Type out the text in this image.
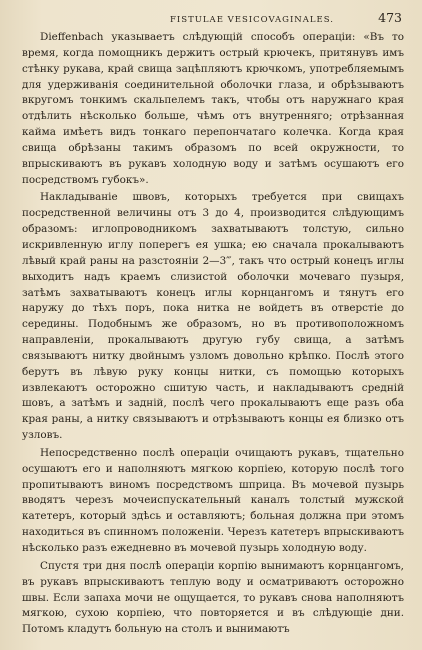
FISTULAE VESICOVAGINALES.	473

Dieffenbach указываетъ слѣдующій способъ операціи: «Въ то время, когда помощникъ держитъ острый крючекъ, притянувъ имъ стѣнку рукава, край свища зацѣпляютъ крючкомъ, употребляемымъ для удерживанія соединительной оболочки глаза, и обрѣзываютъ вкругомъ тонкимъ скальпелемъ такъ, чтобы отъ наружнаго края отдѣлить нѣсколько больше, чѣмъ отъ внутренняго; отрѣзанная кайма имѣетъ видъ тонкаго перепончатаго колечка. Когда края свища обрѣзаны такимъ образомъ по всей окружности, то впрыскиваютъ въ рукавъ холодную воду и затѣмъ осушаютъ его посредствомъ губокъ».

Накладываніе швовъ, которыхъ требуется при свищахъ посредственной величины отъ 3 до 4, производится слѣдующимъ образомъ: иглопроводникомъ захватываютъ толстую, сильно искривленную иглу поперегъ ея ушка; ею сначала прокалываютъ лѣвый край раны на разстояніи 2—3‴, такъ что острый конецъ иглы выходитъ надъ краемъ слизистой оболочки мочеваго пузыря, затѣмъ захватываютъ конецъ иглы корнцангомъ и тянутъ его наружу до тѣхъ поръ, пока нитка не войдетъ въ отверстіе до середины. Подобнымъ же образомъ, но въ противоположномъ направленіи, прокалываютъ другую губу свища, а затѣмъ связываютъ нитку двойнымъ узломъ довольно крѣпко. Послѣ этого берутъ въ лѣвую руку концы нитки, съ помощью которыхъ извлекаютъ осторожно сшитую часть, и накладываютъ средній шовъ, а затѣмъ и задній, послѣ чего прокалываютъ еще разъ оба края раны, а нитку связываютъ и отрѣзываютъ концы ея близко отъ узловъ.

Непосредственно послѣ операціи очищаютъ рукавъ, тщательно осушаютъ его и наполняютъ мягкою корпіею, которую послѣ того пропитываютъ виномъ посредствомъ шприца. Въ мочевой пузырь вводятъ черезъ мочеиспускательный каналъ толстый мужской катетеръ, который здѣсь и оставляютъ; больная должна при этомъ находиться въ спинномъ положеніи. Черезъ катетеръ впрыскиваютъ нѣсколько разъ ежедневно въ мочевой пузырь холодную воду.

Спустя три дня послѣ операціи корпію вынимаютъ корнцангомъ, въ рукавъ впрыскиваютъ теплую воду и осматриваютъ осторожно швы. Если запаха мочи не ощущается, то рукавъ снова наполняютъ мягкою, сухою корпіею, что повторяется и въ слѣдующіе дни. Потомъ кладутъ больную на столъ и вынимаютъ
